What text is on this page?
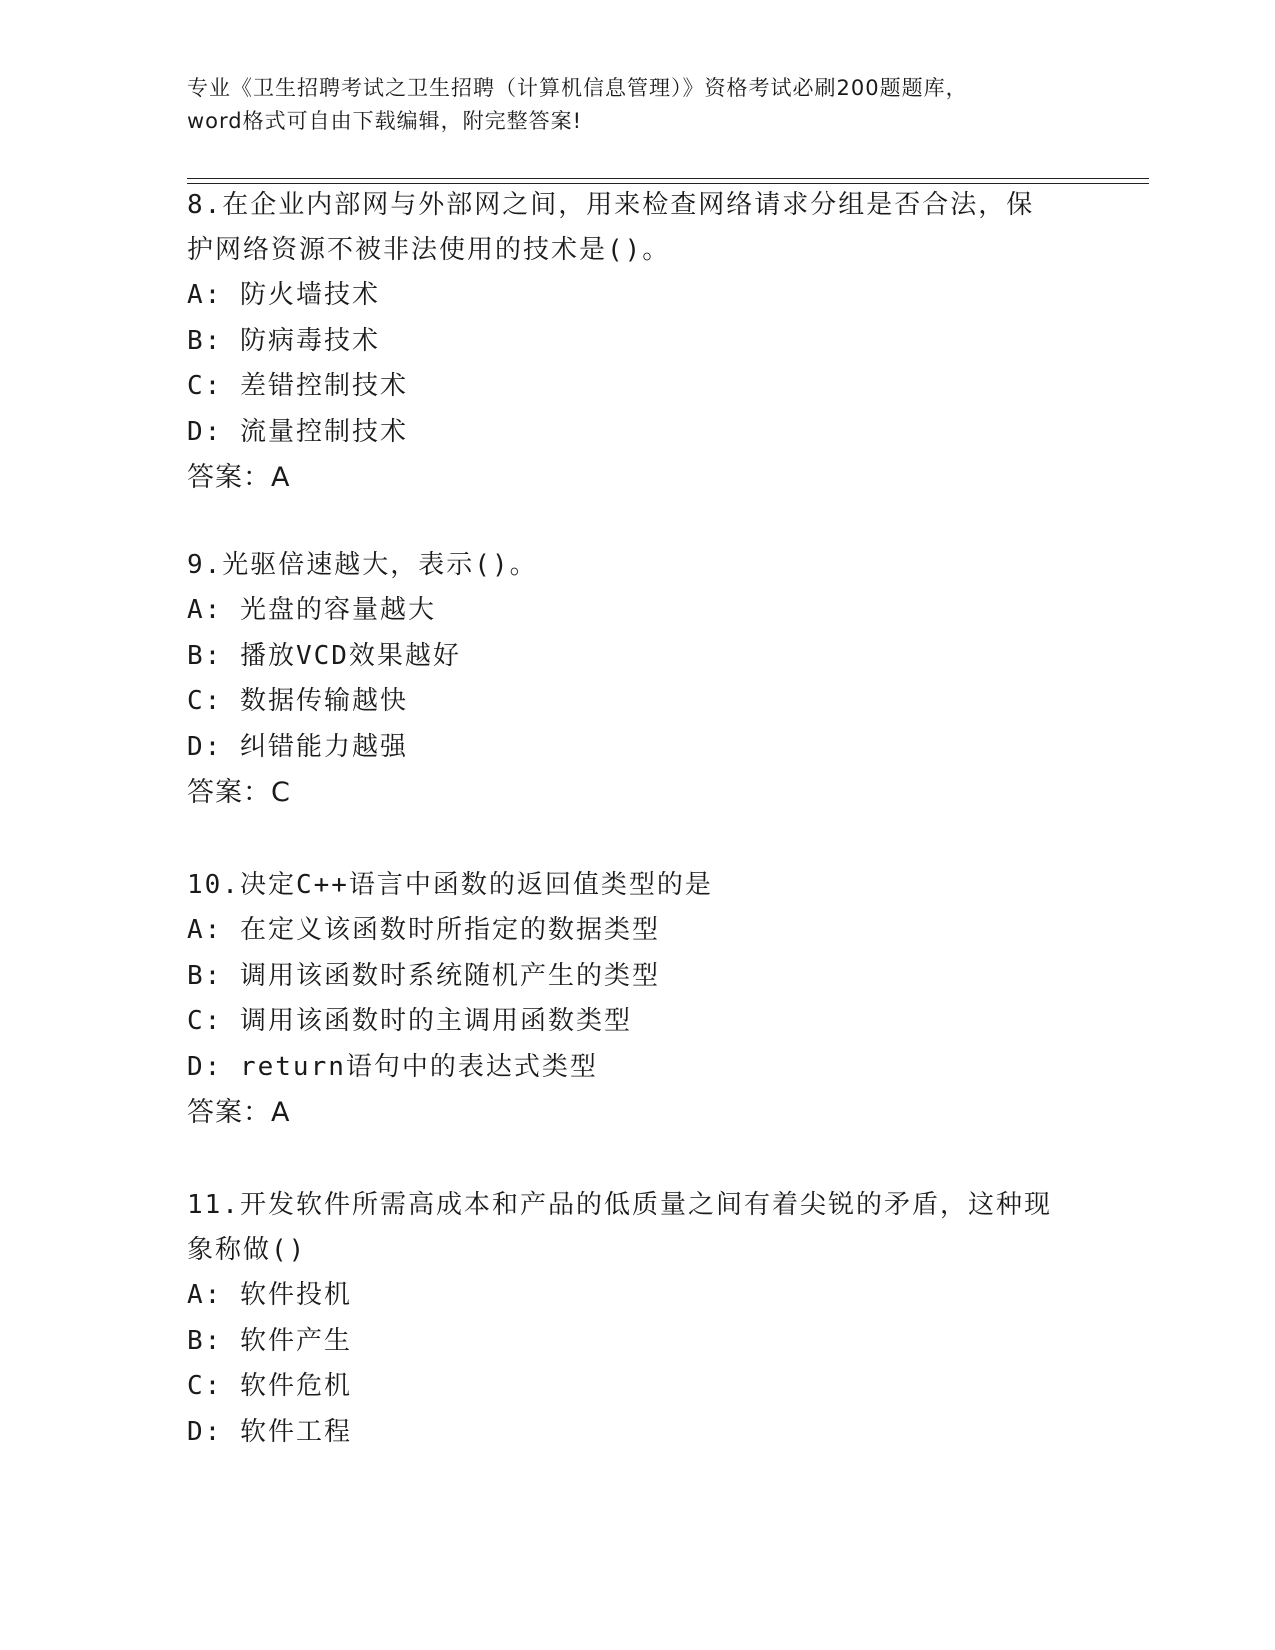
专业《卫生招聘考试之卫生招聘（计算机信息管理）》资格考试必刷200题题库，
word格式可自由下载编辑，附完整答案!
8.在企业内部网与外部网之间，用来检查网络请求分组是否合法，保
护网络资源不被非法使用的技术是()。
A: 防火墙技术
B: 防病毒技术
C: 差错控制技术
D: 流量控制技术
答案：A
9.光驱倍速越大，表示()。
A: 光盘的容量越大
B: 播放VCD效果越好
C: 数据传输越快
D: 纠错能力越强
答案：C
10.决定C++语言中函数的返回值类型的是
A: 在定义该函数时所指定的数据类型
B: 调用该函数时系统随机产生的类型
C: 调用该函数时的主调用函数类型
D: return语句中的表达式类型
答案：A
11.开发软件所需高成本和产品的低质量之间有着尖锐的矛盾，这种现
象称做()
A: 软件投机
B: 软件产生
C: 软件危机
D: 软件工程
